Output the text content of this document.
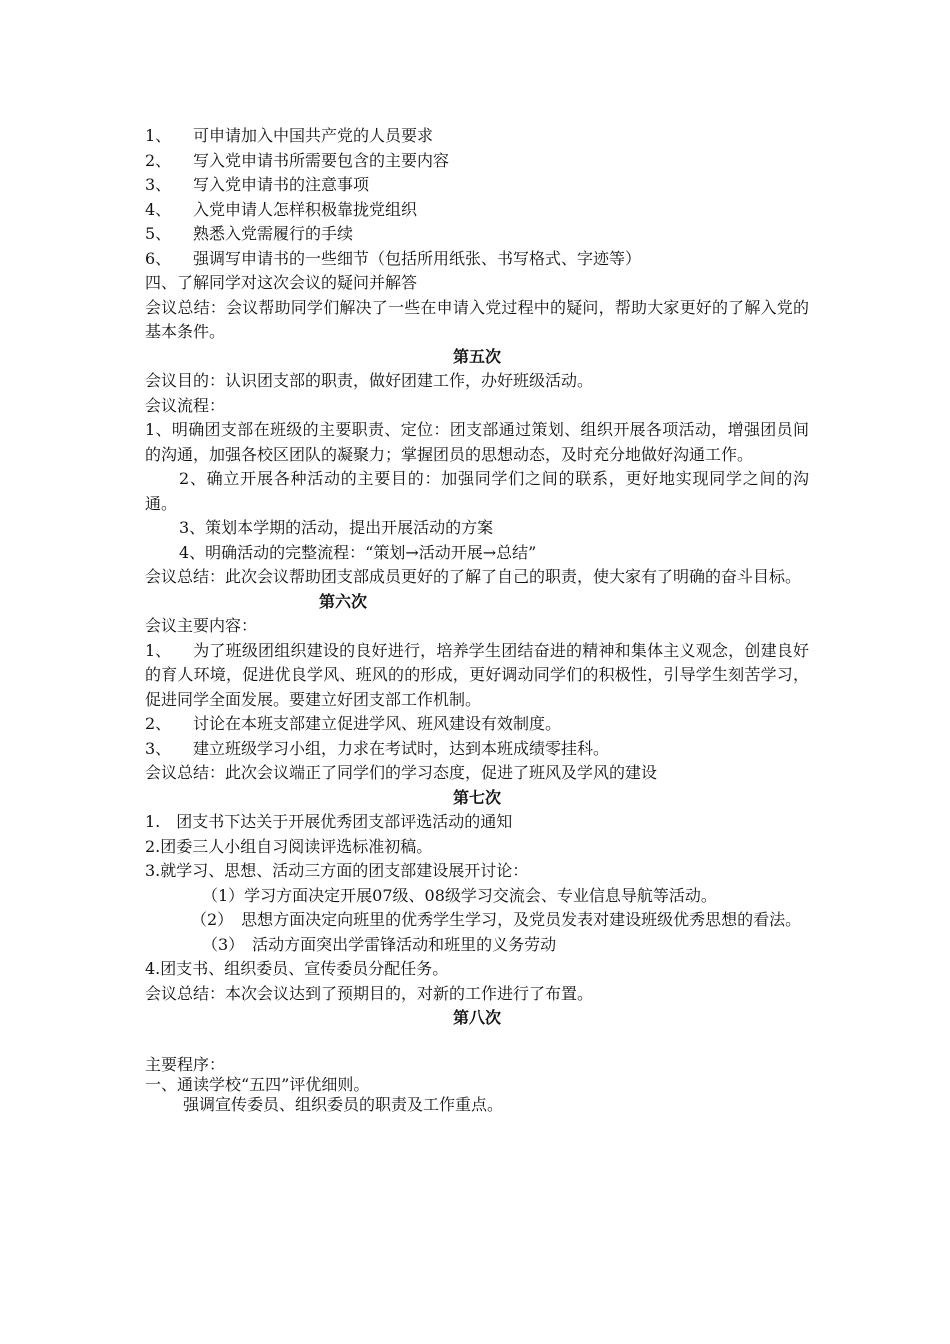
1、 可申请加入中国共产党的人员要求
2、 写入党申请书所需要包含的主要内容
3、 写入党申请书的注意事项
4、 入党申请人怎样积极靠拢党组织
5、 熟悉入党需履行的手续
6、 强调写申请书的一些细节（包括所用纸张、书写格式、字迹等）
四、了解同学对这次会议的疑问并解答
会议总结：会议帮助同学们解决了一些在申请入党过程中的疑问，帮助大家更好的了解入党的基本条件。
第五次
会议目的：认识团支部的职责，做好团建工作，办好班级活动。
会议流程：
1、明确团支部在班级的主要职责、定位：团支部通过策划、组织开展各项活动，增强团员间的沟通，加强各校区团队的凝聚力；掌握团员的思想动态，及时充分地做好沟通工作。
2、确立开展各种活动的主要目的：加强同学们之间的联系，更好地实现同学之间的沟通。
3、策划本学期的活动，提出开展活动的方案
4、明确活动的完整流程：“策划→活动开展→总结”
会议总结：此次会议帮助团支部成员更好的了解了自己的职责，使大家有了明确的奋斗目标。
第六次
会议主要内容：
1、 为了班级团组织建设的良好进行，培养学生团结奋进的精神和集体主义观念，创建良好的育人环境，促进优良学风、班风的的形成，更好调动同学们的积极性，引导学生刻苦学习，促进同学全面发展。要建立好团支部工作机制。
2、 讨论在本班支部建立促进学风、班风建设有效制度。
3、 建立班级学习小组，力求在考试时，达到本班成绩零挂科。
会议总结：此次会议端正了同学们的学习态度，促进了班风及学风的建设
第七次
1.　团支书下达关于开展优秀团支部评选活动的通知
2.团委三人小组自习阅读评选标准初稿。
3.就学习、思想、活动三方面的团支部建设展开讨论：
（1）学习方面决定开展07级、08级学习交流会、专业信息导航等活动。
（2）　思想方面决定向班里的优秀学生学习，及党员发表对建设班级优秀思想的看法。
（3）　活动方面突出学雷锋活动和班里的义务劳动
4.团支书、组织委员、宣传委员分配任务。
会议总结：本次会议达到了预期目的，对新的工作进行了布置。
第八次
主要程序：
一、通读学校“五四”评优细则。
强调宣传委员、组织委员的职责及工作重点。
